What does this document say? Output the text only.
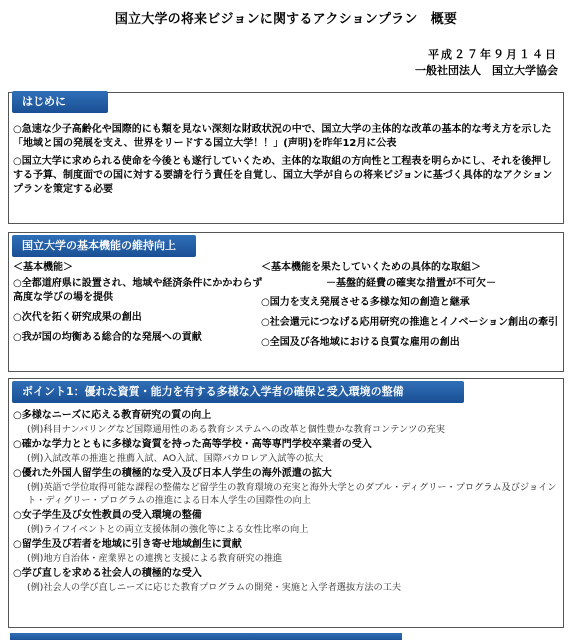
国立大学の将来ビジョンに関するアクションプラン　概要
平成２７年９月１４日
一般社団法人　国立大学協会
はじめに
○急速な少子高齢化や国際的にも類を見ない深刻な財政状況の中で、国立大学の主体的な改革の基本的な考え方を示した「地域と国の発展を支え、世界をリードする国立大学！！」(声明)を昨年12月に公表
○国立大学に求められる使命を今後とも遂行していくため、主体的な取組の方向性と工程表を明らかにし、それを後押しする予算、制度面での国に対する要請を行う責任を自覚し、国立大学が自らの将来ビジョンに基づく具体的なアクションプランを策定する必要
国立大学の基本機能の維持向上
＜基本機能＞
○全都道府県に設置され、地域や経済条件にかかわらず高度な学びの場を提供
○次代を拓く研究成果の創出
○我が国の均衡ある総合的な発展への貢献
＜基本機能を果たしていくための具体的な取組＞
－基盤的経費の確実な措置が不可欠－
○国力を支え発展させる多様な知の創造と継承
○社会還元につなげる応用研究の推進とイノベーション創出の牽引
○全国及び各地域における良質な雇用の創出
ポイント1：優れた資質・能力を有する多様な入学者の確保と受入環境の整備
○多様なニーズに応える教育研究の質の向上
(例)科目ナンバリングなど国際通用性のある教育システムへの改革と個性豊かな教育コンテンツの充実
○確かな学力とともに多様な資質を持った高等学校・高等専門学校卒業者の受入
(例)入試改革の推進と推薦入試、AO入試、国際バカロレア入試等の拡大
○優れた外国人留学生の積極的な受入及び日本人学生の海外派遣の拡大
(例)英語で学位取得可能な課程の整備など留学生の教育環境の充実と海外大学とのダブル・ディグリー・プログラム及びジョイント・ディグリー・プログラムの推進による日本人学生の国際性の向上
○女子学生及び女性教員の受入環境の整備
(例)ライフイベントとの両立支援体制の強化等による女性比率の向上
○留学生及び若者を地域に引き寄せ地域創生に貢献
(例)地方自治体・産業界との連携と支援による教育研究の推進
○学び直しを求める社会人の積極的な受入
(例)社会人の学び直しニーズに応じた教育プログラムの開発・実施と入学者選抜方法の工夫
